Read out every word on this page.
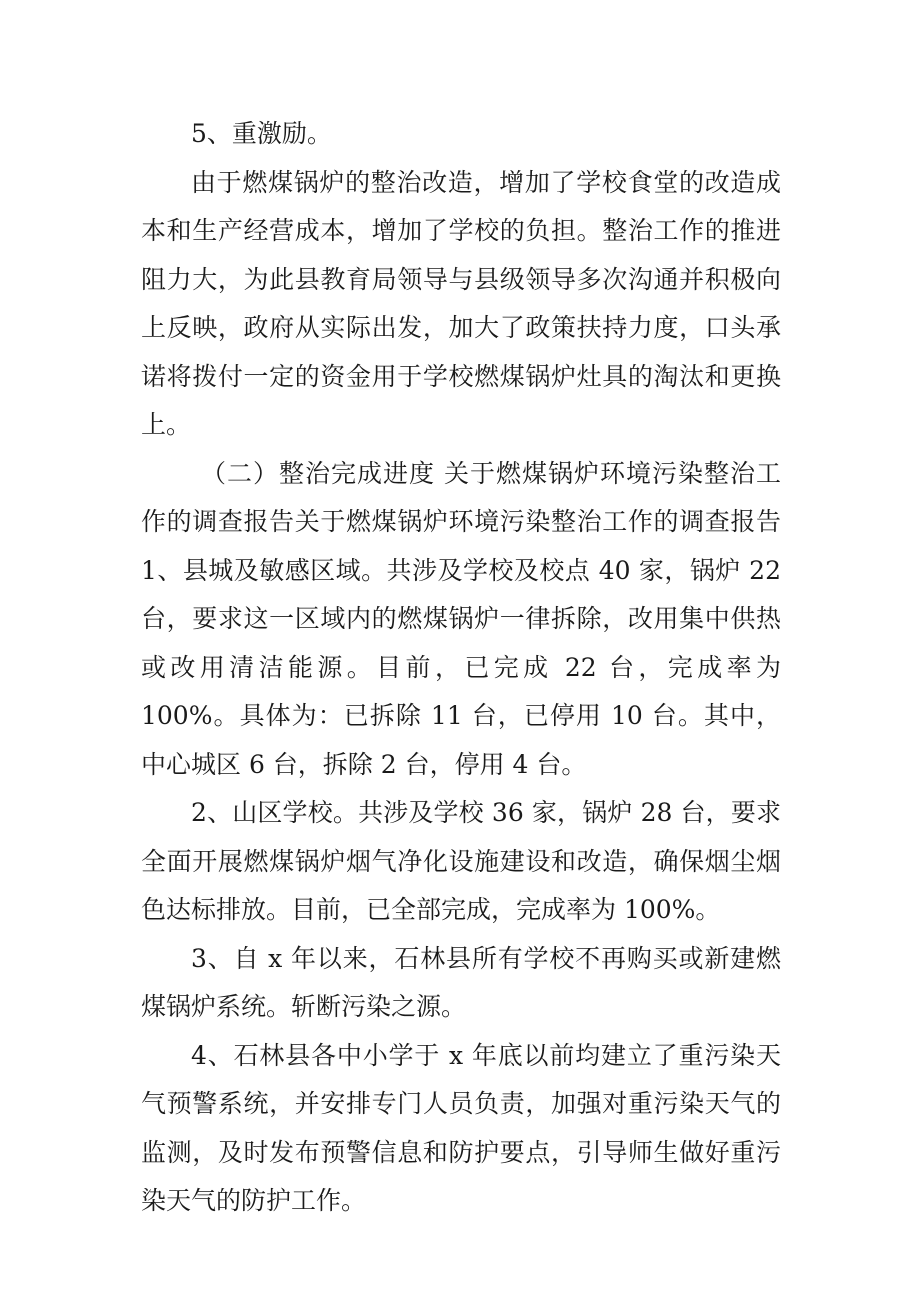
5、重激励。

由于燃煤锅炉的整治改造，增加了学校食堂的改造成本和生产经营成本，增加了学校的负担。整治工作的推进阻力大，为此县教育局领导与县级领导多次沟通并积极向上反映，政府从实际出发，加大了政策扶持力度，口头承诺将拨付一定的资金用于学校燃煤锅炉灶具的淘汰和更换上。

（二）整治完成进度 关于燃煤锅炉环境污染整治工作的调查报告关于燃煤锅炉环境污染整治工作的调查报告 1、县城及敏感区域。共涉及学校及校点 40 家，锅炉 22 台，要求这一区域内的燃煤锅炉一律拆除，改用集中供热或改用清洁能源。目前，已完成 22 台，完成率为 100%。具体为：已拆除 11 台，已停用 10 台。其中，中心城区 6 台，拆除 2 台，停用 4 台。

2、山区学校。共涉及学校 36 家，锅炉 28 台，要求全面开展燃煤锅炉烟气净化设施建设和改造，确保烟尘烟色达标排放。目前，已全部完成，完成率为 100%。

3、自 x 年以来，石林县所有学校不再购买或新建燃煤锅炉系统。斩断污染之源。

4、石林县各中小学于 x 年底以前均建立了重污染天气预警系统，并安排专门人员负责，加强对重污染天气的监测，及时发布预警信息和防护要点，引导师生做好重污染天气的防护工作。
